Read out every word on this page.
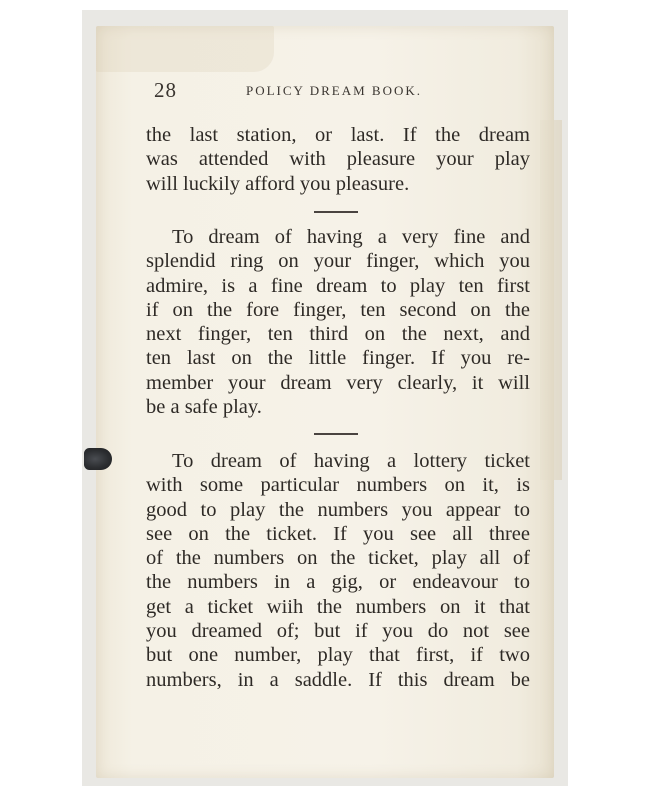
28	POLICY DREAM BOOK.
the last station, or last. If the dream
was attended with pleasure your play
will luckily afford you pleasure.
To dream of having a very fine and
splendid ring on your finger, which you
admire, is a fine dream to play ten first
if on the fore finger, ten second on the
next finger, ten third on the next, and
ten last on the little finger. If you re-
member your dream very clearly, it will
be a safe play.
To dream of having a lottery ticket
with some particular numbers on it, is
good to play the numbers you appear to
see on the ticket. If you see all three
of the numbers on the ticket, play all of
the numbers in a gig, or endeavour to
get a ticket wiih the numbers on it that
you dreamed of; but if you do not see
but one number, play that first, if two
numbers, in a saddle. If this dream be
